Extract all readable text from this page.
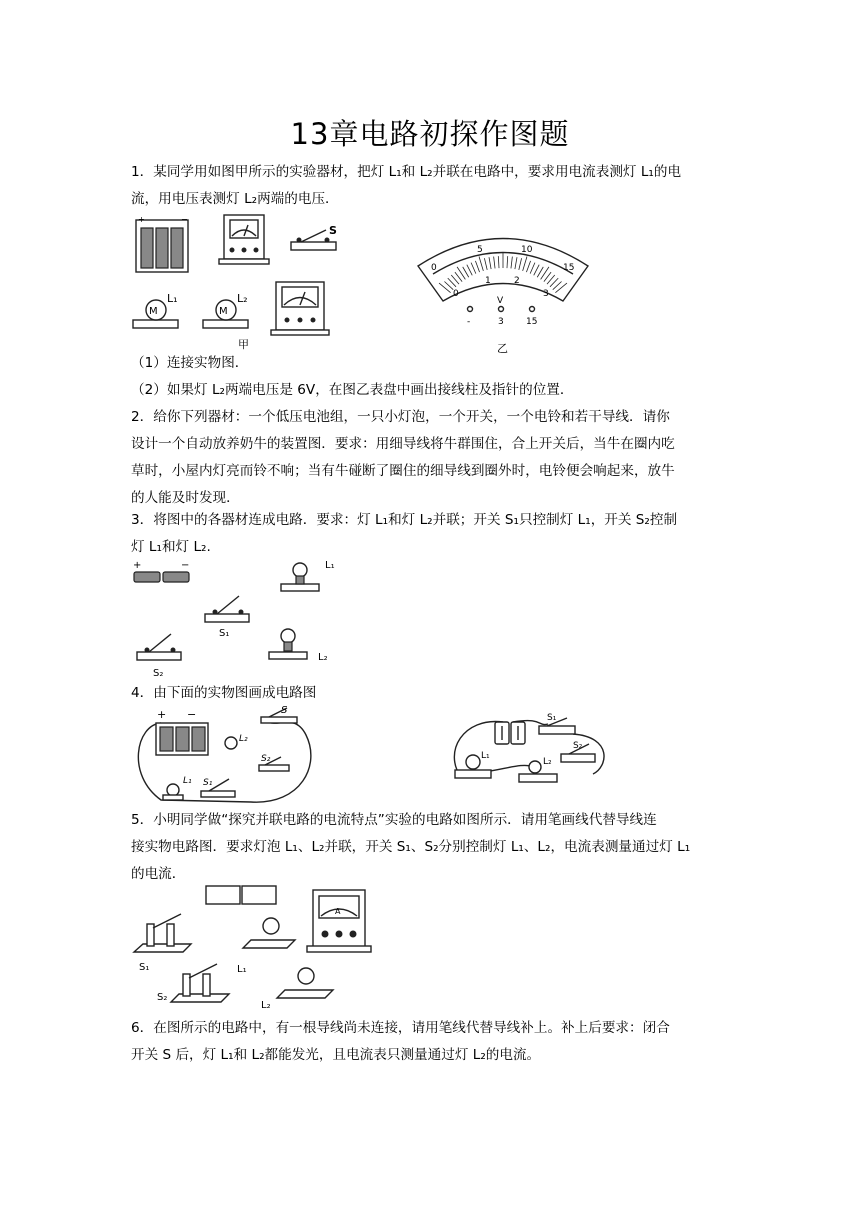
13章电路初探作图题
1．某同学用如图甲所示的实验器材，把灯 L₁和 L₂并联在电路中，要求用电流表测灯 L₁的电
流，用电压表测灯 L₂两端的电压．
+	−
S
M
L₁
M
L₂
甲
0
5	10
15
0
1	2
3
V
-	3 15
乙
（1）连接实物图．
（2）如果灯 L₂两端电压是 6V，在图乙表盘中画出接线柱及指针的位置．
2．给你下列器材：一个低压电池组，一只小灯泡，一个开关，一个电铃和若干导线．请你
设计一个自动放养奶牛的装置图．要求：用细导线将牛群围住，合上开关后，当牛在圈内吃
草时，小屋内灯亮而铃不响；当有牛碰断了圈住的细导线到圈外时，电铃便会响起来，放牛
的人能及时发现．
3．将图中的各器材连成电路．要求：灯 L₁和灯 L₂并联；开关 S₁只控制灯 L₁，开关 S₂控制
灯 L₁和灯 L₂.
+	−	L₁
S₁
S₂
L₂
4．由下面的实物图画成电路图
+ −	S
L₂
S₂
L₁ S₁
S₁
S₂
L₁
L₂
5．小明同学做“探究并联电路的电流特点”实验的电路如图所示．请用笔画线代替导线连
接实物电路图．要求灯泡 L₁、L₂并联，开关 S₁、S₂分别控制灯 L₁、L₂，电流表测量通过灯 L₁
的电流．
S₁	L₁
A
S₂
L₂
6．在图所示的电路中，有一根导线尚未连接，请用笔线代替导线补上。补上后要求：闭合
开关 S 后，灯 L₁和 L₂都能发光，且电流表只测量通过灯 L₂的电流。
